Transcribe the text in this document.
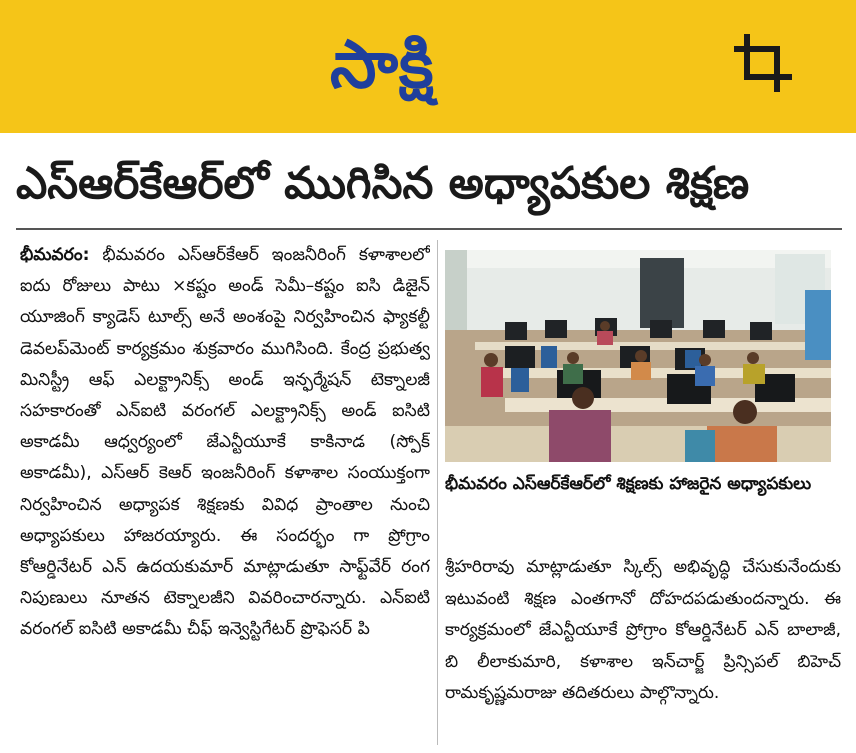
సాక్షి
ఎస్‌ఆర్‌కేఆర్‌లో ముగిసిన అధ్యాపకుల శిక్షణ

భీమవరం: భీమవరం ఎస్‌ఆర్‌కేఆర్ ఇంజనీరింగ్ కళాశాలలో ఐదు రోజులు పాటు ×కష్టం అండ్ సెమీ–కష్టం ఐసి డిజైన్ యూజింగ్ క్యాడెస్ టూల్స్ అనే అంశంపై నిర్వహించిన ఫ్యాకల్టీ డెవలప్‌మెంట్ కార్యక్రమం శుక్రవారం ముగిసింది. కేంద్ర ప్రభుత్వ మినిస్ట్రీ ఆఫ్ ఎలక్ట్రానిక్స్ అండ్ ఇన్ఫర్మేషన్ టెక్నాలజీ సహకారంతో ఎన్ఐటి వరంగల్ ఎలక్ట్రానిక్స్ అండ్ ఐసిటి అకాడమీ ఆధ్వర్యంలో జేఎన్టీయూకే కాకినాడ (స్పోక్ అకాడమీ), ఎస్ఆర్ కెఆర్ ఇంజనీరింగ్ కళాశాల సంయుక్తంగా నిర్వహించిన అధ్యాపక శిక్షణకు వివిధ ప్రాంతాల నుంచి అధ్యాపకులు హాజరయ్యారు. ఈ సందర్భం గా ప్రోగ్రాం కోఆర్డినేటర్ ఎన్ ఉదయకుమార్ మాట్లాడుతూ సాఫ్ట్‌వేర్ రంగ నిపుణులు నూతన టెక్నాలజీని వివరించారన్నారు. ఎన్ఐటి వరంగల్ ఐసిటి అకాడమీ చీఫ్ ఇన్వెస్టిగేటర్ ప్రొఫెసర్ పి

భీమవరం ఎస్‌ఆర్‌కేఆర్‌లో శిక్షణకు హాజరైన అధ్యాపకులు

శ్రీహరిరావు మాట్లాడుతూ స్కిల్స్ అభివృద్ధి చేసుకునేందుకు ఇటువంటి శిక్షణ ఎంతగానో దోహదపడుతుందన్నారు. ఈ కార్యక్రమంలో జేఎన్టీయూకే ప్రోగ్రాం కోఆర్డినేటర్ ఎన్ బాలాజీ, బి లీలాకుమారి, కళాశాల ఇన్‌చార్జ్ ప్రిన్సిపల్ బిహెచ్ రామకృష్ణమరాజు తదితరులు పాల్గొన్నారు.
